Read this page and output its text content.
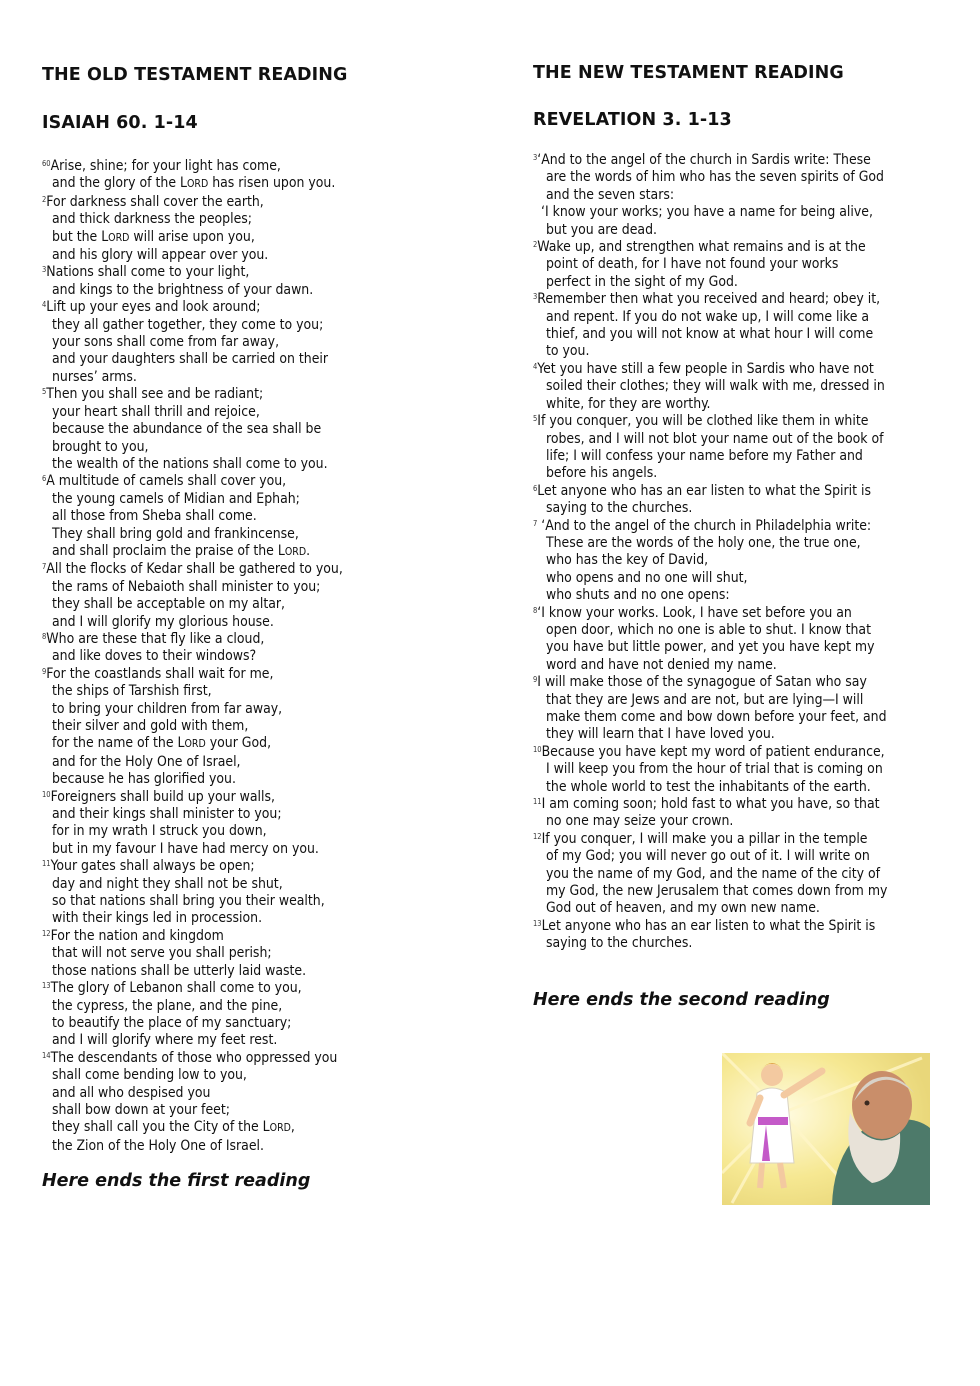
THE OLD TESTAMENT READING
ISAIAH 60. 1-14
$^{60}$Arise, shine; for your light has come,
and the glory of the LORD has risen upon you.
$^2$For darkness shall cover the earth,
and thick darkness the peoples;
but the LORD will arise upon you,
and his glory will appear over you.
$^3$Nations shall come to your light,
and kings to the brightness of your dawn.
$^4$Lift up your eyes and look around;
they all gather together, they come to you;
your sons shall come from far away,
and your daughters shall be carried on their
nurses’ arms.
$^5$Then you shall see and be radiant;
your heart shall thrill and rejoice,
because the abundance of the sea shall be
brought to you,
the wealth of the nations shall come to you.
$^6$A multitude of camels shall cover you,
the young camels of Midian and Ephah;
all those from Sheba shall come.
They shall bring gold and frankincense,
and shall proclaim the praise of the LORD.
$^7$All the flocks of Kedar shall be gathered to you,
the rams of Nebaioth shall minister to you;
they shall be acceptable on my altar,
and I will glorify my glorious house.
$^8$Who are these that fly like a cloud,
and like doves to their windows?
$^9$For the coastlands shall wait for me,
the ships of Tarshish first,
to bring your children from far away,
their silver and gold with them,
for the name of the LORD your God,
and for the Holy One of Israel,
because he has glorified you.
$^{10}$Foreigners shall build up your walls,
and their kings shall minister to you;
for in my wrath I struck you down,
but in my favour I have had mercy on you.
$^{11}$Your gates shall always be open;
day and night they shall not be shut,
so that nations shall bring you their wealth,
with their kings led in procession.
$^{12}$For the nation and kingdom
that will not serve you shall perish;
those nations shall be utterly laid waste.
$^{13}$The glory of Lebanon shall come to you,
the cypress, the plane, and the pine,
to beautify the place of my sanctuary;
and I will glorify where my feet rest.
$^{14}$The descendants of those who oppressed you
shall come bending low to you,
and all who despised you
shall bow down at your feet;
they shall call you the City of the LORD,
the Zion of the Holy One of Israel.
Here ends the first reading
THE NEW TESTAMENT READING
REVELATION 3. 1-13
$^3$‘And to the angel of the church in Sardis write: These
are the words of him who has the seven spirits of God
and the seven stars:
‘I know your works; you have a name for being alive,
but you are dead.
$^2$Wake up, and strengthen what remains and is at the
point of death, for I have not found your works
perfect in the sight of my God.
$^3$Remember then what you received and heard; obey it,
and repent. If you do not wake up, I will come like a
thief, and you will not know at what hour I will come
to you.
$^4$Yet you have still a few people in Sardis who have not
soiled their clothes; they will walk with me, dressed in
white, for they are worthy.
$^5$If you conquer, you will be clothed like them in white
robes, and I will not blot your name out of the book of
life; I will confess your name before my Father and
before his angels.
$^6$Let anyone who has an ear listen to what the Spirit is
saying to the churches.
$^7$ ‘And to the angel of the church in Philadelphia write:
These are the words of the holy one, the true one,
who has the key of David,
who opens and no one will shut,
who shuts and no one opens:
$^8$‘I know your works. Look, I have set before you an
open door, which no one is able to shut. I know that
you have but little power, and yet you have kept my
word and have not denied my name.
$^9$I will make those of the synagogue of Satan who say
that they are Jews and are not, but are lying—I will
make them come and bow down before your feet, and
they will learn that I have loved you.
$^{10}$Because you have kept my word of patient endurance,
I will keep you from the hour of trial that is coming on
the whole world to test the inhabitants of the earth.
$^{11}$I am coming soon; hold fast to what you have, so that
no one may seize your crown.
$^{12}$If you conquer, I will make you a pillar in the temple
of my God; you will never go out of it. I will write on
you the name of my God, and the name of the city of
my God, the new Jerusalem that comes down from my
God out of heaven, and my own new name.
$^{13}$Let anyone who has an ear listen to what the Spirit is
saying to the churches.
Here ends the second reading
